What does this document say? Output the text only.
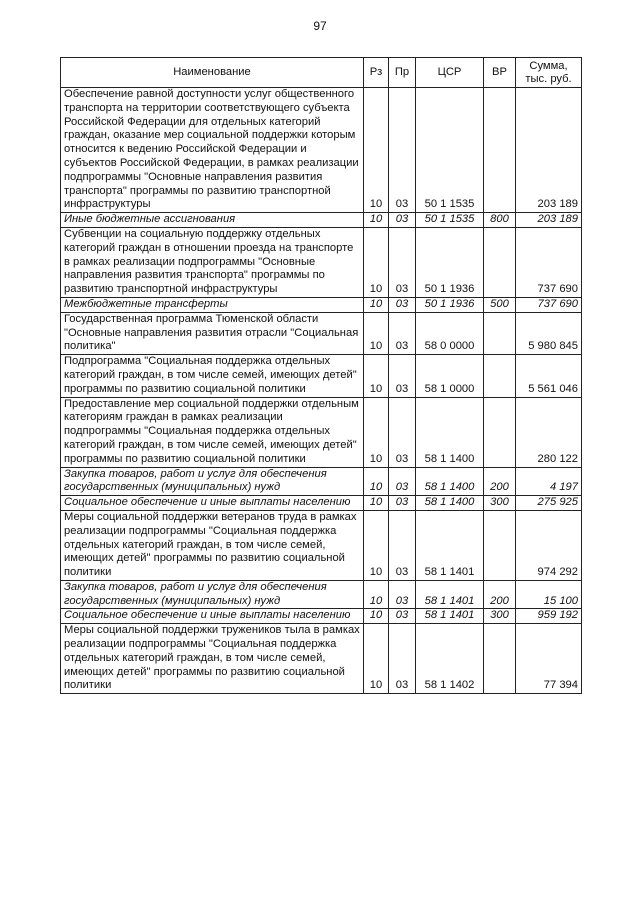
97
Наименование	Рз	Пр	ЦСР	ВР	Сумма, тыс. руб.
Обеспечение равной доступности услуг общественного транспорта на территории соответствующего субъекта Российской Федерации для отдельных категорий граждан, оказание мер социальной поддержки которым относится к ведению Российской Федерации и субъектов Российской Федерации, в рамках реализации подпрограммы "Основные направления развития транспорта" программы по развитию транспортной инфраструктуры	10	03	50 1 1535		203 189
Иные бюджетные ассигнования	10	03	50 1 1535	800	203 189
Субвенции на социальную поддержку отдельных категорий граждан в отношении проезда на транспорте в рамках реализации подпрограммы "Основные направления развития транспорта" программы по развитию транспортной инфраструктуры	10	03	50 1 1936		737 690
Межбюджетные трансферты	10	03	50 1 1936	500	737 690
Государственная программа Тюменской области "Основные направления развития отрасли "Социальная политика"	10	03	58 0 0000		5 980 845
Подпрограмма "Социальная поддержка отдельных категорий граждан, в том числе семей, имеющих детей" программы по развитию социальной политики	10	03	58 1 0000		5 561 046
Предоставление мер социальной поддержки отдельным категориям граждан в рамках реализации подпрограммы "Социальная поддержка отдельных категорий граждан, в том числе семей, имеющих детей" программы по развитию социальной политики	10	03	58 1 1400		280 122
Закупка товаров, работ и услуг для обеспечения государственных (муниципальных) нужд	10	03	58 1 1400	200	4 197
Социальное обеспечение и иные выплаты населению	10	03	58 1 1400	300	275 925
Меры социальной поддержки ветеранов труда в рамках реализации подпрограммы "Социальная поддержка отдельных категорий граждан, в том числе семей, имеющих детей" программы по развитию социальной политики	10	03	58 1 1401		974 292
Закупка товаров, работ и услуг для обеспечения государственных (муниципальных) нужд	10	03	58 1 1401	200	15 100
Социальное обеспечение и иные выплаты населению	10	03	58 1 1401	300	959 192
Меры социальной поддержки тружеников тыла в рамках реализации подпрограммы "Социальная поддержка отдельных категорий граждан, в том числе семей, имеющих детей" программы по развитию социальной политики	10	03	58 1 1402		77 394
